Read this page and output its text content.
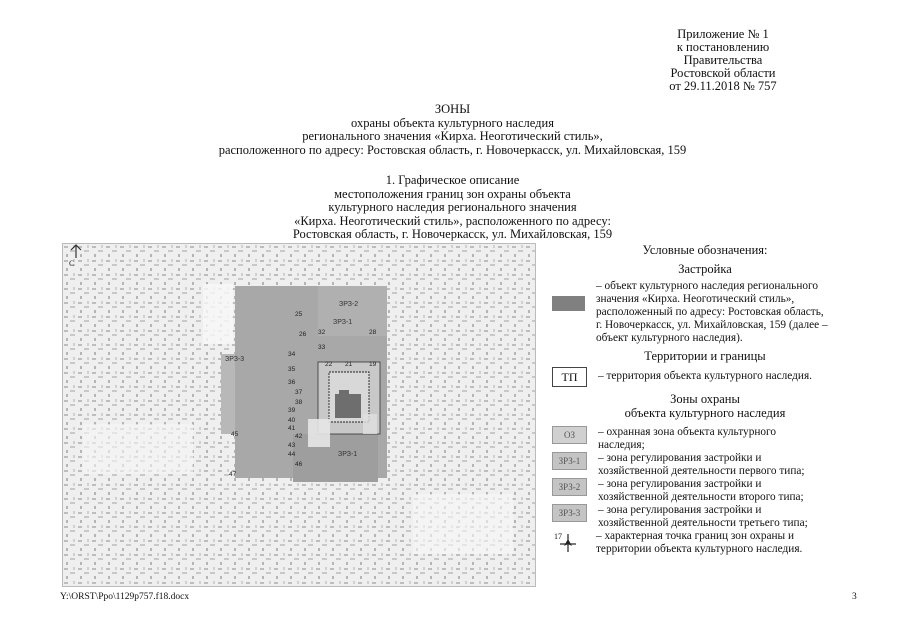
Приложение № 1
к постановлению
Правительства
Ростовской области
от 29.11.2018 № 757
ЗОНЫ
охраны объекта культурного наследия
регионального значения «Кирха. Неоготический стиль»,
расположенного по адресу: Ростовская область, г. Новочеркасск, ул. Михайловская, 159
1. Графическое описание
местоположения границ зон охраны объекта
культурного наследия регионального значения
«Кирха. Неоготический стиль», расположенного по адресу:
Ростовская область, г. Новочеркасск, ул. Михайловская, 159
С
ЗРЗ-2
ЗРЗ-3
ЗРЗ-1
ЗРЗ-1
25
26	28
32
33
34
35
36
37
38
39
40
41
42
43
44
45
46
47
21
22	19
Условные обозначения:
Застройка
– объект культурного наследия регионального
значения «Кирха. Неоготический стиль»,
расположенный по адресу: Ростовская область,
г. Новочеркасск, ул. Михайловская, 159 (далее –
объект культурного наследия).
Территории и границы
ТП	– территория объекта культурного наследия.
Зоны охраны
объекта культурного наследия
ОЗ	– охранная зона объекта культурного
наследия;
ЗРЗ-1	– зона регулирования застройки и
хозяйственной деятельности первого типа;
ЗРЗ-2	– зона регулирования застройки и
хозяйственной деятельности второго типа;
ЗРЗ-3	– зона регулирования застройки и
хозяйственной деятельности третьего типа;
17	– характерная точка границ зон охраны и
территории объекта культурного наследия.
Y:\ORST\Ppo\1129p757.f18.docx	3
